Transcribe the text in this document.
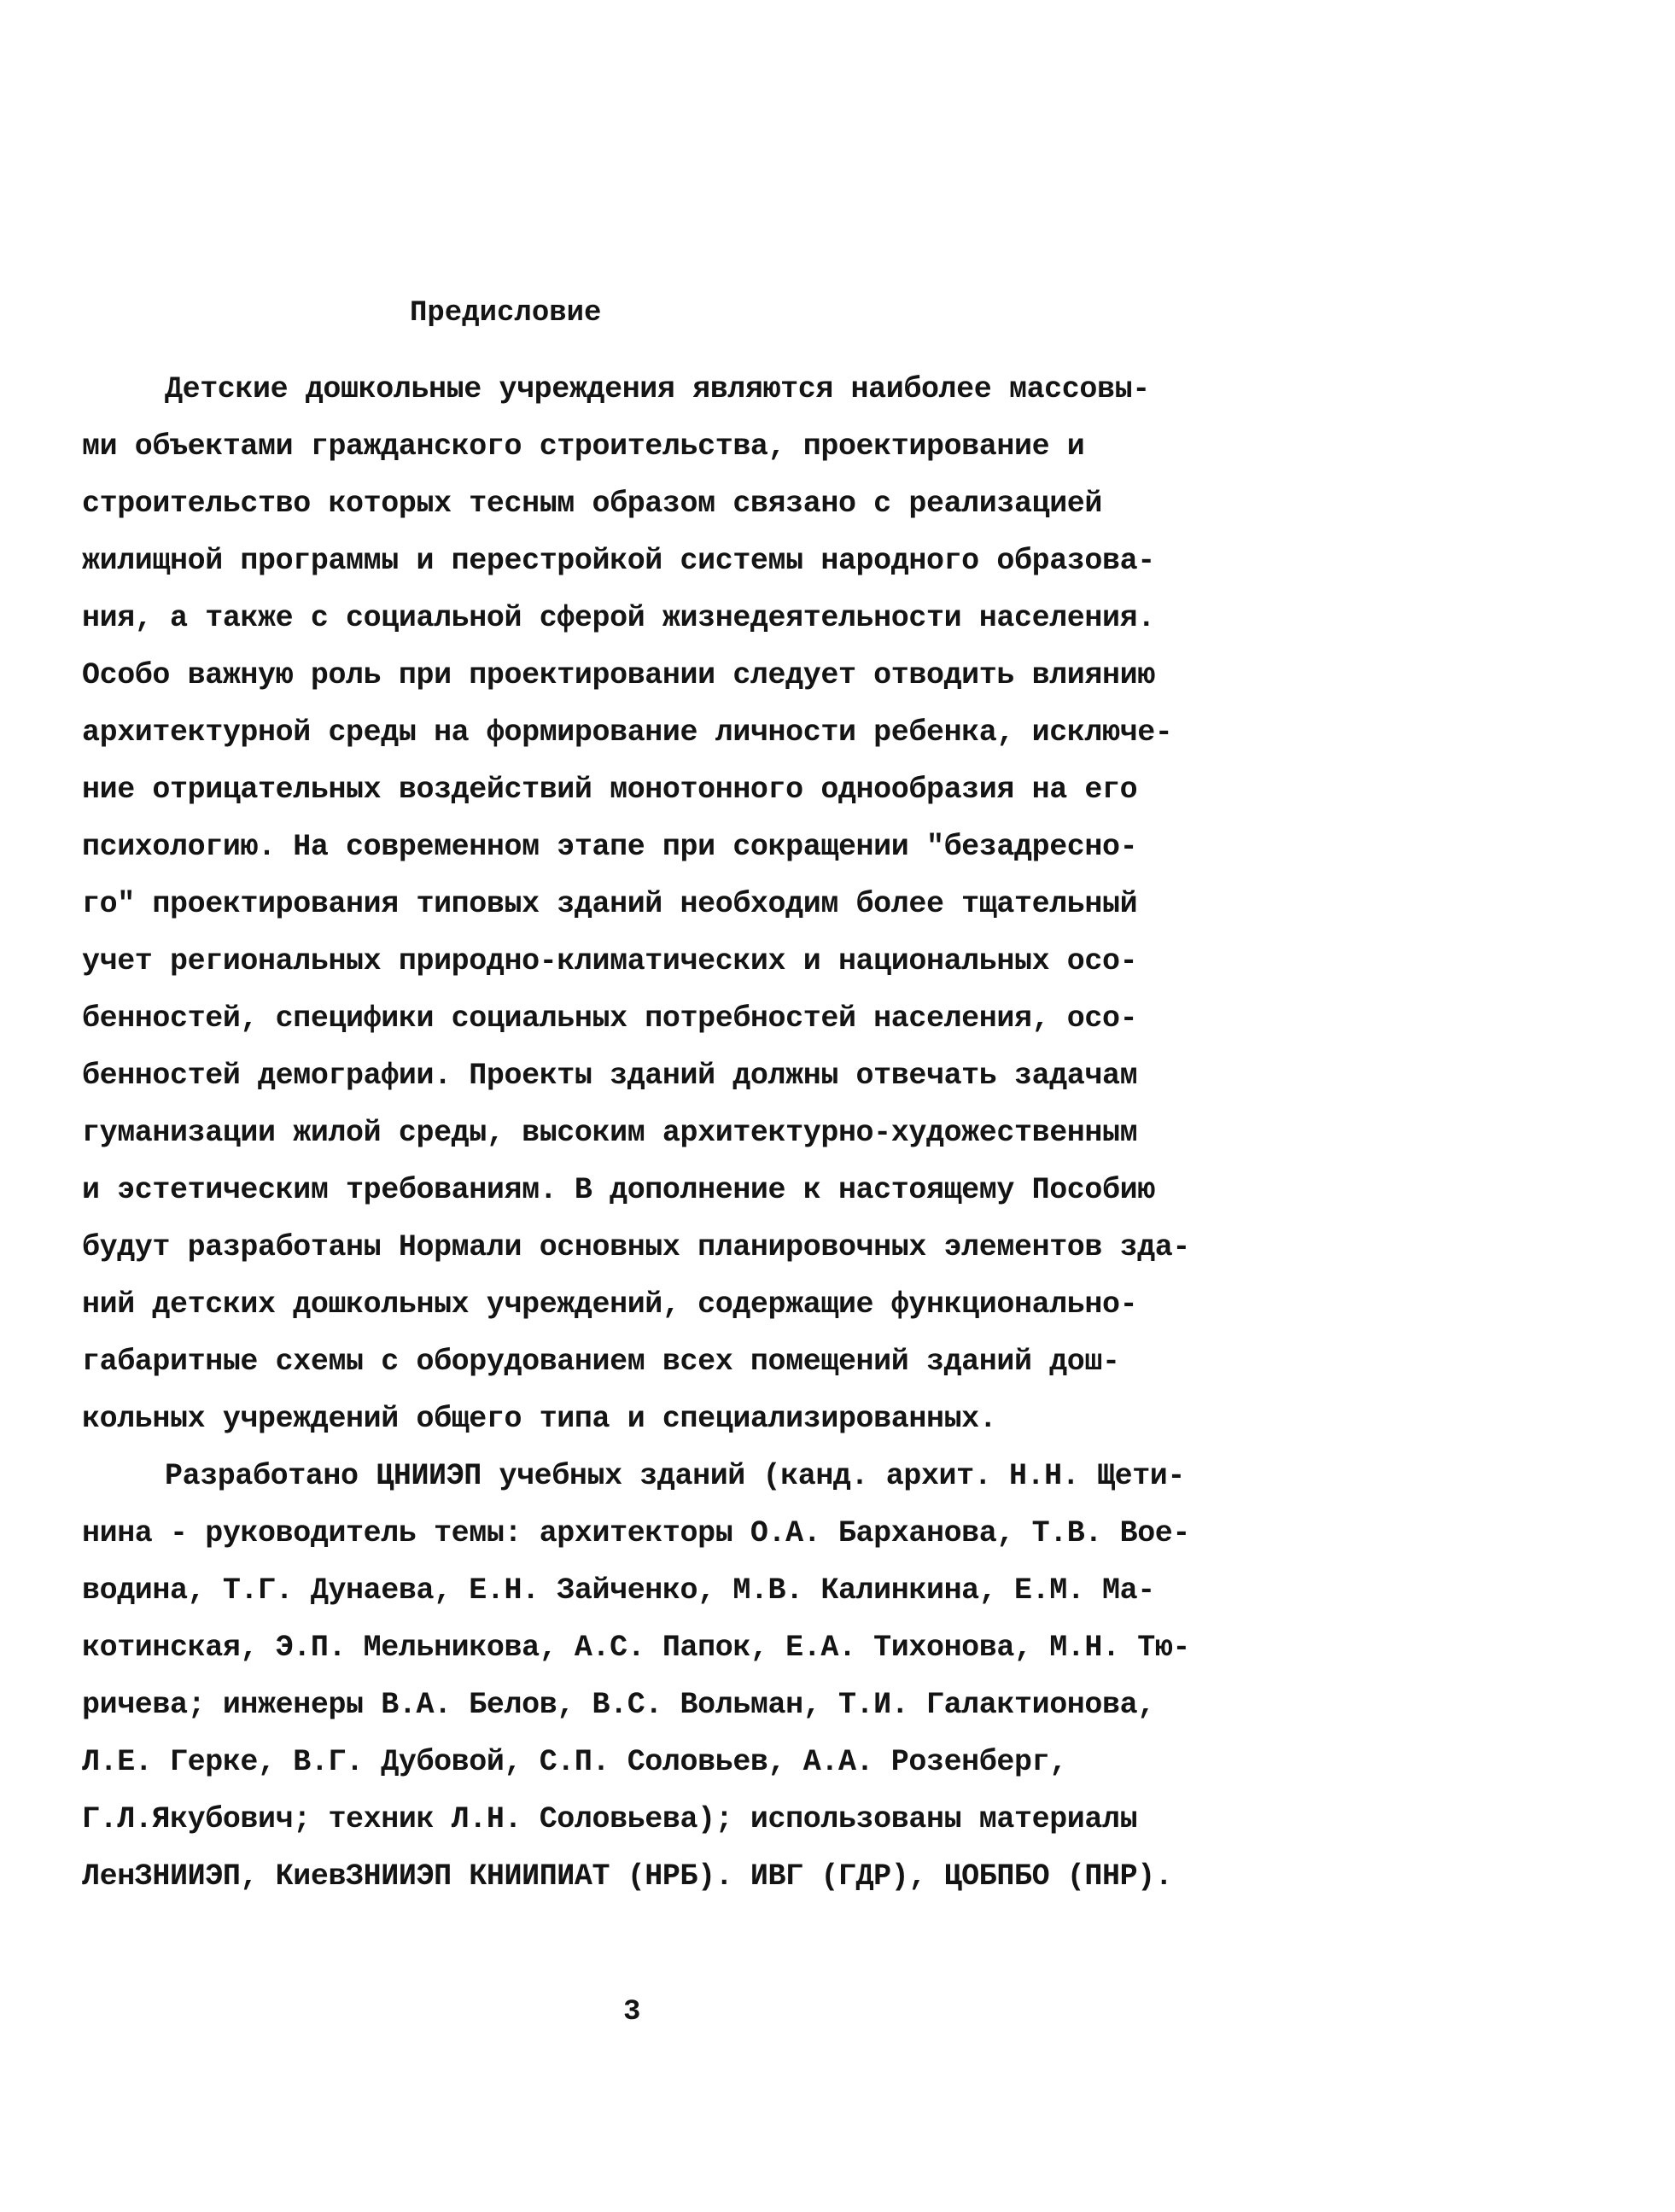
Предисловие

Детские дошкольные учреждения являются наиболее массовы-

ми объектами гражданского строительства, проектирование и

строительство которых тесным образом связано с реализацией

жилищной программы и перестройкой системы народного образова-

ния, а также с социальной сферой жизнедеятельности населения.

Особо важную роль при проектировании следует отводить влиянию

архитектурной среды на формирование личности ребенка, исключе-

ние отрицательных воздействий монотонного однообразия на его

психологию. На современном этапе при сокращении "безадресно-

го" проектирования типовых зданий необходим более тщательный

учет региональных природно-климатических и национальных осо-

бенностей, специфики социальных потребностей населения, осо-

бенностей демографии. Проекты зданий должны отвечать задачам

гуманизации жилой среды, высоким архитектурно-художественным

и эстетическим требованиям. В дополнение к настоящему Пособию

будут разработаны Нормали основных планировочных элементов зда-

ний детских дошкольных учреждений, содержащие функционально-

габаритные схемы с оборудованием всех помещений зданий дош-

кольных учреждений общего типа и специализированных.

Разработано ЦНИИЭП учебных зданий (канд. архит. Н.Н. Щети-

нина - руководитель темы: архитекторы О.А. Барханова, Т.В. Вое-

водина, Т.Г. Дунаева, Е.Н. Зайченко, М.В. Калинкина, Е.М. Ма-

котинская, Э.П. Мельникова, А.С. Папок, Е.А. Тихонова, М.Н. Тю-

ричева; инженеры В.А. Белов, В.С. Вольман, Т.И. Галактионова,

Л.Е. Герке, В.Г. Дубовой, С.П. Соловьев, А.А. Розенберг,

Г.Л.Якубович; техник Л.Н. Соловьева); использованы материалы

ЛенЗНИИЭП, КиевЗНИИЭП КНИИПИАТ (НРБ). ИВГ (ГДР), ЦОБПБО (ПНР).

3
